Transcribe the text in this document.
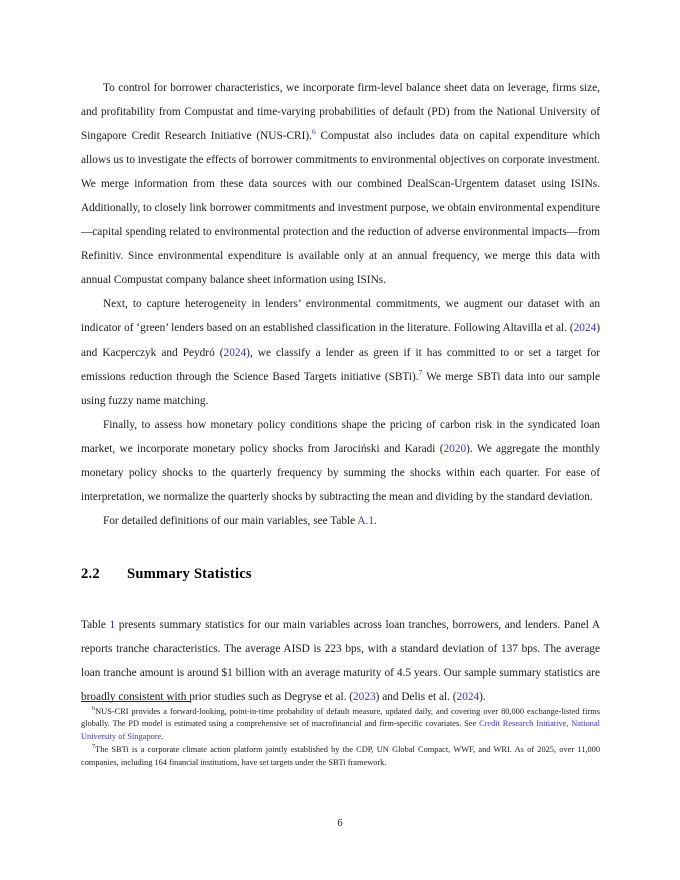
To control for borrower characteristics, we incorporate firm-level balance sheet data on leverage, firms size, and profitability from Compustat and time-varying probabilities of default (PD) from the National University of Singapore Credit Research Initiative (NUS-CRI).$^6$ Compustat also includes data on capital expenditure which allows us to investigate the effects of borrower commitments to environmental objectives on corporate investment. We merge information from these data sources with our combined DealScan-Urgentem dataset using ISINs. Additionally, to closely link borrower commitments and investment purpose, we obtain environmental expenditure—capital spending related to environmental protection and the reduction of adverse environmental impacts—from Refinitiv. Since environmental expenditure is available only at an annual frequency, we merge this data with annual Compustat company balance sheet information using ISINs.

Next, to capture heterogeneity in lenders’ environmental commitments, we augment our dataset with an indicator of ‘green’ lenders based on an established classification in the literature. Following Altavilla et al. (2024) and Kacperczyk and Peydró (2024), we classify a lender as green if it has committed to or set a target for emissions reduction through the Science Based Targets initiative (SBTi).$^7$ We merge SBTi data into our sample using fuzzy name matching.

Finally, to assess how monetary policy conditions shape the pricing of carbon risk in the syndicated loan market, we incorporate monetary policy shocks from Jarociński and Karadi (2020). We aggregate the monthly monetary policy shocks to the quarterly frequency by summing the shocks within each quarter. For ease of interpretation, we normalize the quarterly shocks by subtracting the mean and dividing by the standard deviation.

For detailed definitions of our main variables, see Table A.1.

2.2 Summary Statistics

Table 1 presents summary statistics for our main variables across loan tranches, borrowers, and lenders. Panel A reports tranche characteristics. The average AISD is 223 bps, with a standard deviation of 137 bps. The average loan tranche amount is around $1 billion with an average maturity of 4.5 years. Our sample summary statistics are broadly consistent with prior studies such as Degryse et al. (2023) and Delis et al. (2024).

$^6$NUS-CRI provides a forward-looking, point-in-time probability of default measure, updated daily, and covering over 80,000 exchange-listed firms globally. The PD model is estimated using a comprehensive set of macrofinancial and firm-specific covariates. See Credit Research Initiative, National University of Singapore.

$^7$The SBTi is a corporate climate action platform jointly established by the CDP, UN Global Compact, WWF, and WRI. As of 2025, over 11,000 companies, including 164 financial institutions, have set targets under the SBTi framework.

6
